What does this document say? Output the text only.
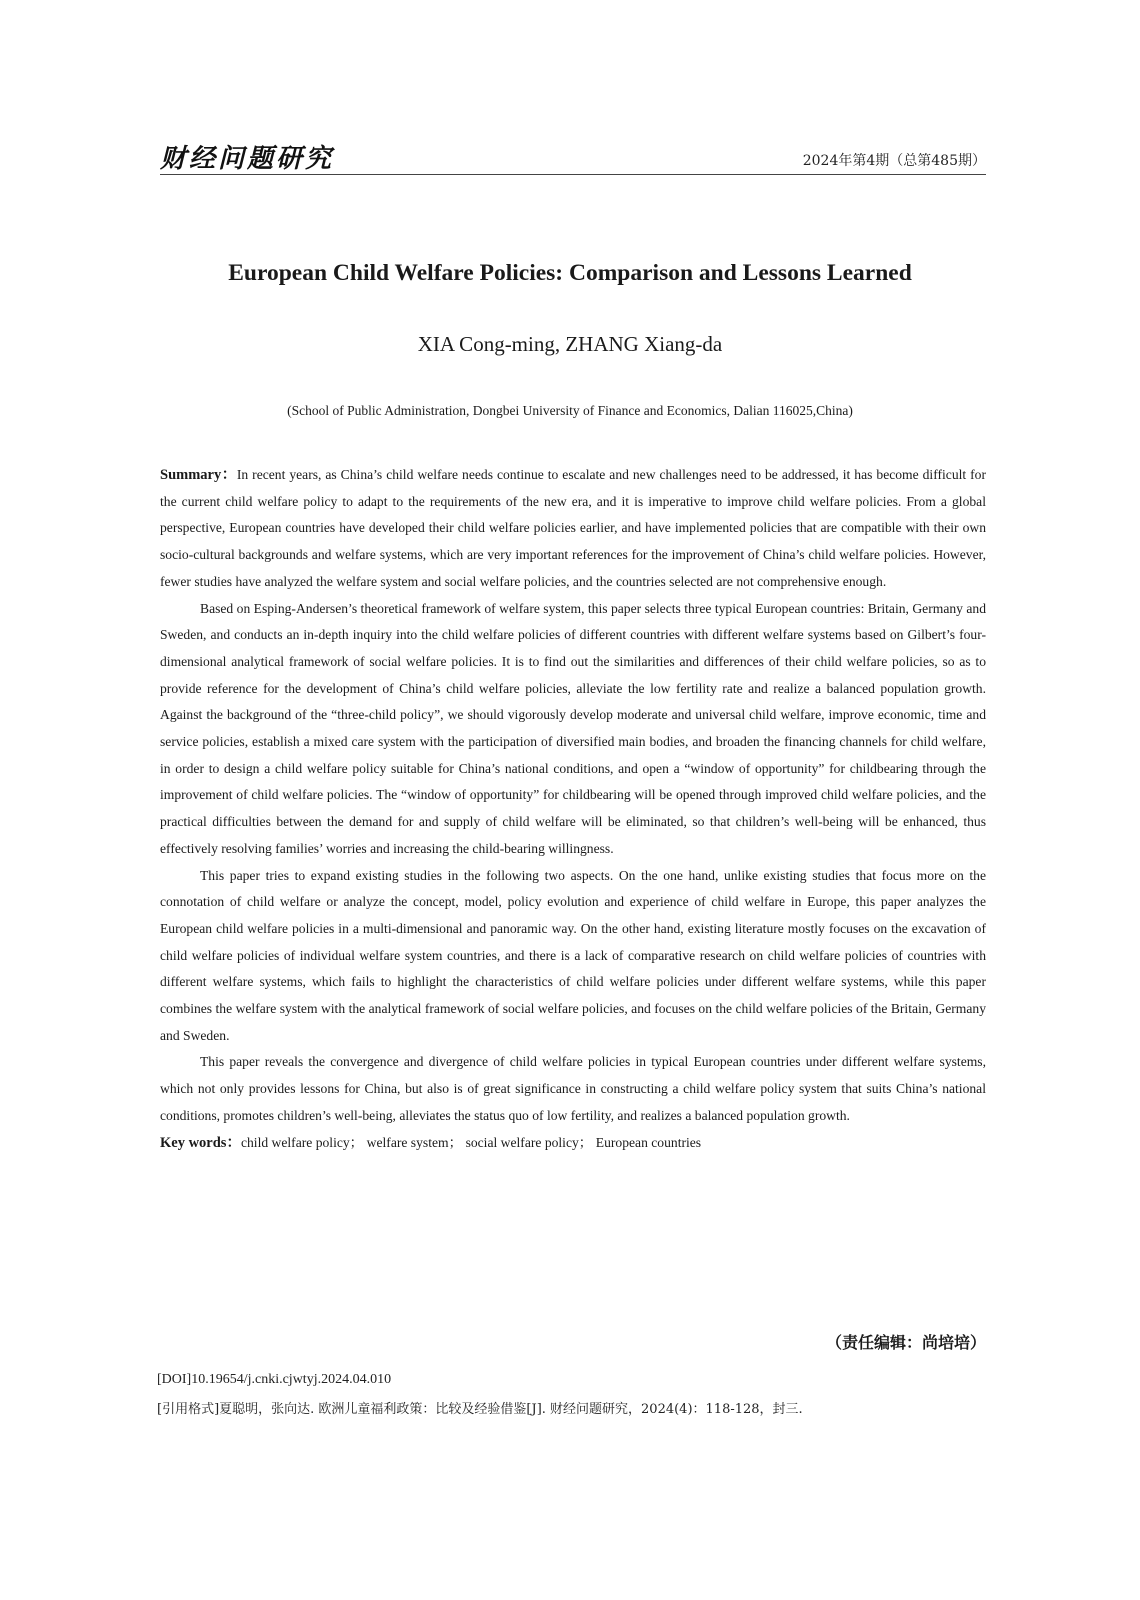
财经问题研究	2024年第4期（总第485期）
European Child Welfare Policies: Comparison and Lessons Learned
XIA Cong-ming, ZHANG Xiang-da
(School of Public Administration, Dongbei University of Finance and Economics, Dalian 116025,China)

Summary：In recent years, as China’s child welfare needs continue to escalate and new challenges need to be addressed, it has become difficult for the current child welfare policy to adapt to the requirements of the new era, and it is imperative to improve child welfare policies. From a global perspective, European countries have developed their child welfare policies earlier, and have implemented policies that are compatible with their own socio-cultural backgrounds and welfare systems, which are very important references for the improvement of China’s child welfare policies. However, fewer studies have analyzed the welfare system and social welfare policies, and the countries selected are not comprehensive enough.

Based on Esping-Andersen’s theoretical framework of welfare system, this paper selects three typical European countries: Britain, Germany and Sweden, and conducts an in-depth inquiry into the child welfare policies of different countries with different welfare systems based on Gilbert’s four-dimensional analytical framework of social welfare policies. It is to find out the similarities and differences of their child welfare policies, so as to provide reference for the development of China’s child welfare policies, alleviate the low fertility rate and realize a balanced population growth. Against the background of the “three-child policy”, we should vigorously develop moderate and universal child welfare, improve economic, time and service policies, establish a mixed care system with the participation of diversified main bodies, and broaden the financing channels for child welfare, in order to design a child welfare policy suitable for China’s national conditions, and open a “window of opportunity” for childbearing through the improvement of child welfare policies. The “window of opportunity” for childbearing will be opened through improved child welfare policies, and the practical difficulties between the demand for and supply of child welfare will be eliminated, so that children’s well-being will be enhanced, thus effectively resolving families’ worries and increasing the child-bearing willingness.

This paper tries to expand existing studies in the following two aspects. On the one hand, unlike existing studies that focus more on the connotation of child welfare or analyze the concept, model, policy evolution and experience of child welfare in Europe, this paper analyzes the European child welfare policies in a multi-dimensional and panoramic way. On the other hand, existing literature mostly focuses on the excavation of child welfare policies of individual welfare system countries, and there is a lack of comparative research on child welfare policies of countries with different welfare systems, which fails to highlight the characteristics of child welfare policies under different welfare systems, while this paper combines the welfare system with the analytical framework of social welfare policies, and focuses on the child welfare policies of the Britain, Germany and Sweden.

This paper reveals the convergence and divergence of child welfare policies in typical European countries under different welfare systems, which not only provides lessons for China, but also is of great significance in constructing a child welfare policy system that suits China’s national conditions, promotes children’s well-being, alleviates the status quo of low fertility, and realizes a balanced population growth.

Key words：child welfare policy； welfare system； social welfare policy； European countries

（责任编辑：尚培培）
[DOI]10.19654/j.cnki.cjwtyj.2024.04.010
[引用格式]夏聪明，张向达. 欧洲儿童福利政策：比较及经验借鉴[J]. 财经问题研究，2024(4)：118-128，封三.
